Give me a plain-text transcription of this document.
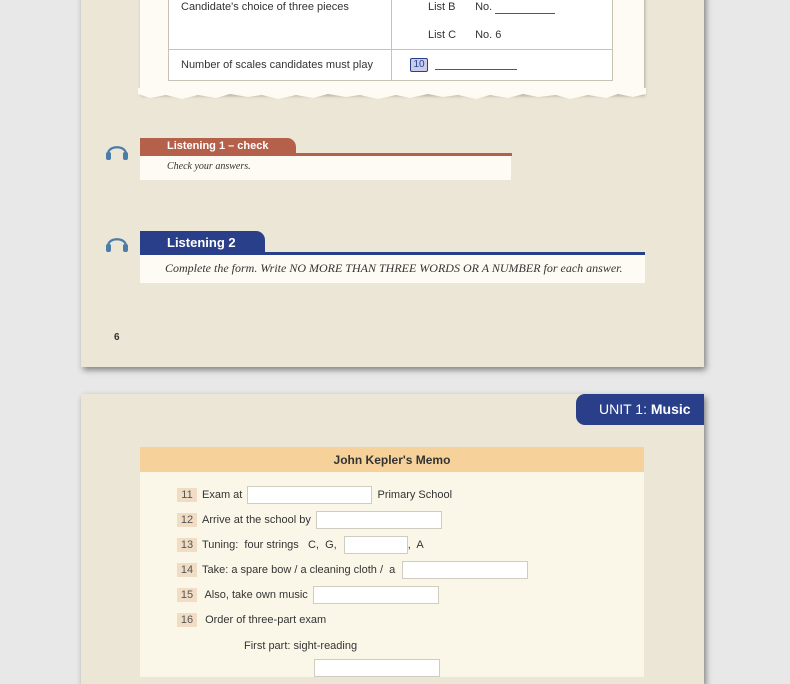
Candidate's choice of three pieces	List B No.
List C No. 6

Number of scales candidates must play	10
Listening 1 – check
Check your answers.
Listening 2
Complete the form. Write NO MORE THAN THREE WORDS OR A NUMBER for each answer.
6
UNIT 1: Music
John Kepler's Memo
11 Exam at	Primary School
12 Arrive at the school by
13 Tuning:  four strings   C,  G,	,  A
14 Take: a spare bow / a cleaning cloth /  a
15 Also, take own music
16 Order of three-part exam
First part: sight-reading
